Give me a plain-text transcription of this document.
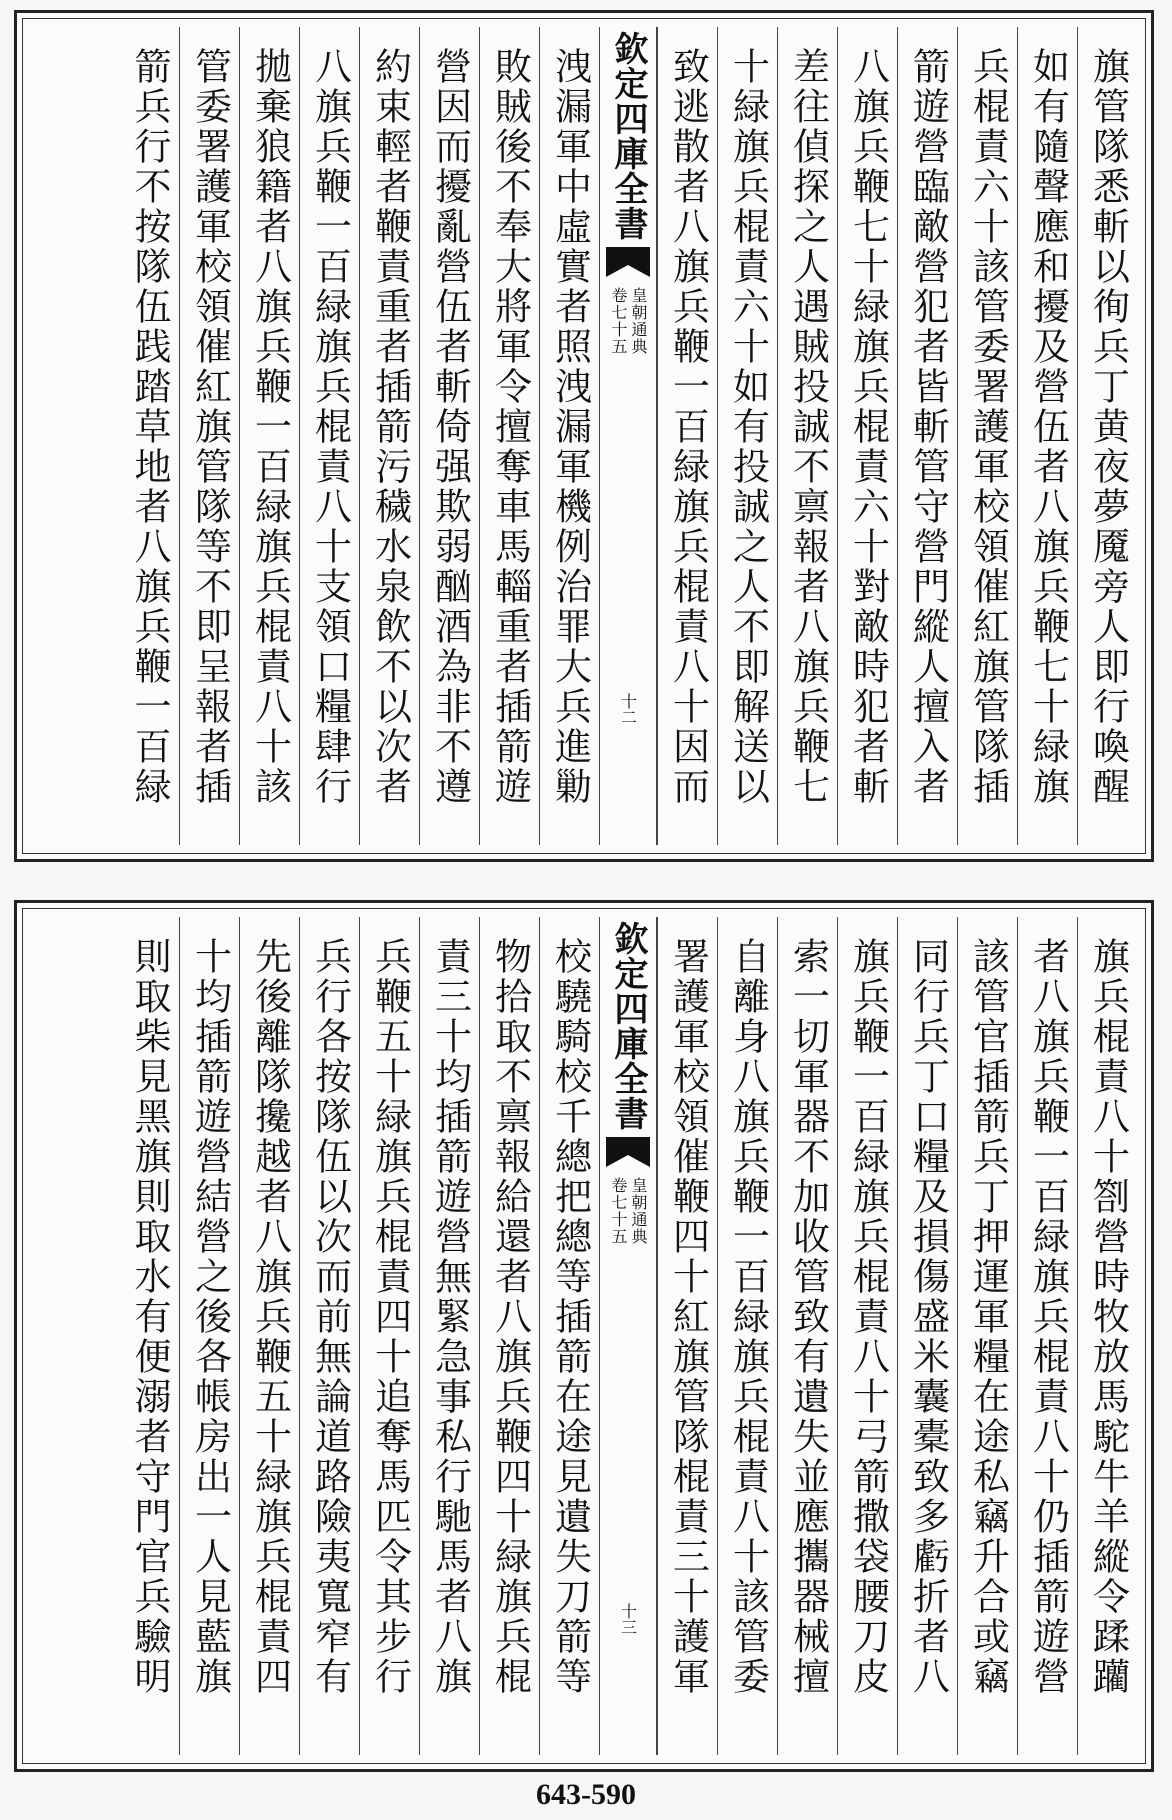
旗管隊悉斬以徇兵丁黄夜夢魇旁人即行喚醒
如有隨聲應和擾及營伍者八旗兵鞭七十緑旗
兵棍責六十該管委署護軍校領催紅旗管隊插
箭遊營臨敵營犯者皆斬管守營門縱人擅入者
八旗兵鞭七十緑旗兵棍責六十對敵時犯者斬
差往偵探之人遇賊投誠不禀報者八旗兵鞭七
十緑旗兵棍責六十如有投誠之人不即解送以
致逃散者八旗兵鞭一百緑旗兵棍責八十因而
欽定四庫全書
皇朝通典
卷七十五
十二
洩漏軍中虛實者照洩漏軍機例治罪大兵進勦
敗賊後不奉大將軍令擅奪車馬輜重者插箭遊
營因而擾亂營伍者斬倚强欺弱酗酒為非不遵
約束輕者鞭責重者插箭污穢水泉飲不以次者
八旗兵鞭一百緑旗兵棍責八十支領口糧肆行
拋棄狼籍者八旗兵鞭一百緑旗兵棍責八十該
管委署護軍校領催紅旗管隊等不即呈報者插
箭兵行不按隊伍践踏草地者八旗兵鞭一百緑
旗兵棍責八十劄營時牧放馬駝牛羊縱令蹂躪
者八旗兵鞭一百緑旗兵棍責八十仍插箭遊營
該管官插箭兵丁押運軍糧在途私竊升合或竊
同行兵丁口糧及損傷盛米囊橐致多虧折者八
旗兵鞭一百緑旗兵棍責八十弓箭撒袋腰刀皮
索一切軍器不加收管致有遺失並應攜器械擅
自離身八旗兵鞭一百緑旗兵棍責八十該管委
署護軍校領催鞭四十紅旗管隊棍責三十護軍
欽定四庫全書
皇朝通典
卷七十五
十三
校驍騎校千總把總等插箭在途見遺失刀箭等
物拾取不禀報給還者八旗兵鞭四十緑旗兵棍
責三十均插箭遊營無緊急事私行馳馬者八旗
兵鞭五十緑旗兵棍責四十追奪馬匹令其步行
兵行各按隊伍以次而前無論道路險夷寬窄有
先後離隊攙越者八旗兵鞭五十緑旗兵棍責四
十均插箭遊營結營之後各帳房出一人見藍旗
則取柴見黑旗則取水有便溺者守門官兵驗明
643-590
